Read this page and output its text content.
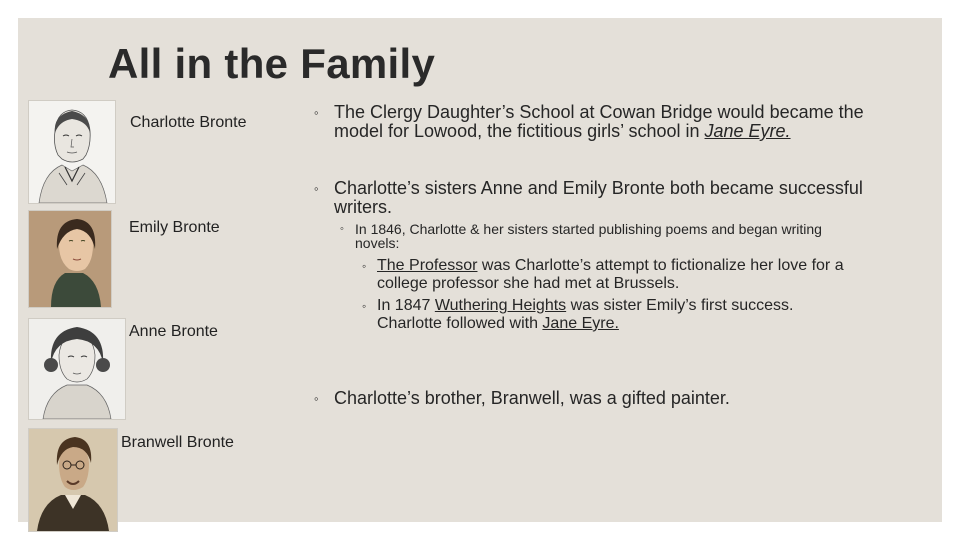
All in the Family
Charlotte Bronte
Emily Bronte
Anne Bronte
Branwell Bronte
◦ The Clergy Daughter’s School at Cowan Bridge would became the
model for Lowood, the fictitious girls’ school in Jane Eyre.
◦ Charlotte’s sisters Anne and Emily Bronte both became successful
writers.
◦ In 1846, Charlotte & her sisters started publishing poems and began writing
novels:
◦ The Professor was Charlotte’s attempt to fictionalize her love for a
college professor she had met at Brussels.
◦ In 1847 Wuthering Heights was sister Emily’s first success.
Charlotte followed with Jane Eyre.
◦ Charlotte’s brother, Branwell, was a gifted painter.
